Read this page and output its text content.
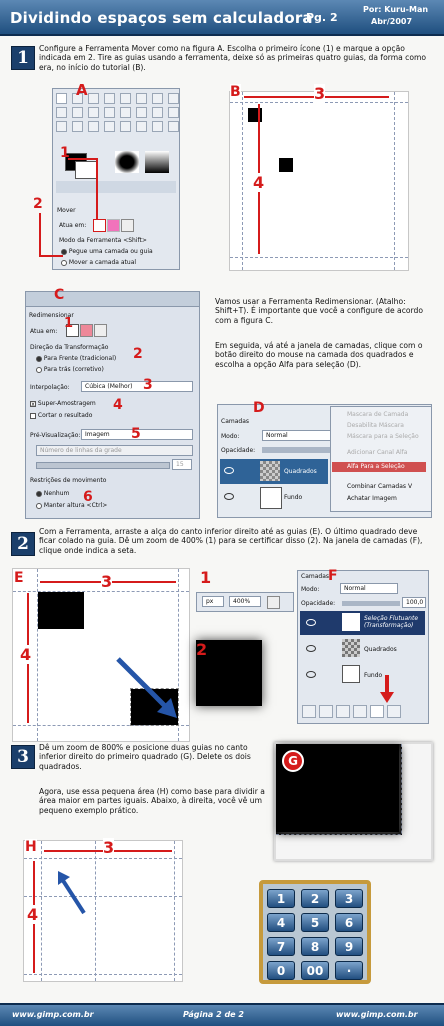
Dividindo espaços sem calculadora
Pg. 2
Por: Kuru-Man
Abr/2007
1	Configure a Ferramenta Mover como na figura A. Escolha o primeiro ícone (1) e marque a opção indicada em 2. Tire as guias usando a ferramenta, deixe só as primeiras quatro guias, da forma como era, no início do tutorial (B).
Mover
Atua em:
Modo da Ferramenta <Shift>
Pegue uma camada ou guia
Mover a camada atual
A
1
2
B	3
4
Redimensionar
Atua em:
Direção da Transformação
Para Frente (tradicional)
Para trás (corretivo)
Interpolação:	Cúbica (Melhor)
x Super-Amostragem
Cortar o resultado
Pré-Visualização: Imagem
Número de linhas da grade
15
Restrições de movimento
Nenhum
Manter altura <Ctrl>
C
1
2
3
4
5
6
Vamos usar a Ferramenta Redimensionar. (Atalho: Shift+T). É importante que você a configure de acordo com a figura C.
Em seguida, vá até a janela de camadas, clique com o botão direito do mouse na camada dos quadrados e escolha a opção Alfa para seleção (D).
Camadas
Modo:	Normal
Opacidade:
Quadrados
Fundo
Mascara de Camada
Desabilita Máscara
Máscara para a Seleção
Adicionar Canal Alfa
Alfa Para a Seleção
Combinar Camadas V
Achatar Imagem
D
2
Com a Ferramenta, arraste a alça do canto inferior direito até as guias (E). O último quadrado deve ficar colado na guia. Dê um zoom de 400% (1) para se certificar disso (2). Na janela de camadas (F), clique onde indica a seta.
E	3
4
1
px	400%
2
Camadas
Modo:	Normal
Opacidade:	100,0
Seleção Flutuante (Transformação)
Quadrados
Fundo
F
3	Dê um zoom de 800% e posicione duas guias no canto inferior direito do primeiro quadrado (G). Delete os dois quadrados.
Agora, use essa pequena área (H) como base para dividir a área maior em partes iguais. Abaixo, à direita, você vê um pequeno exemplo prático.
G
H	3
4
1	2	3
4	5	6
7	8	9
0	00	·
www.gimp.com.br	Página 2 de 2	www.gimp.com.br
